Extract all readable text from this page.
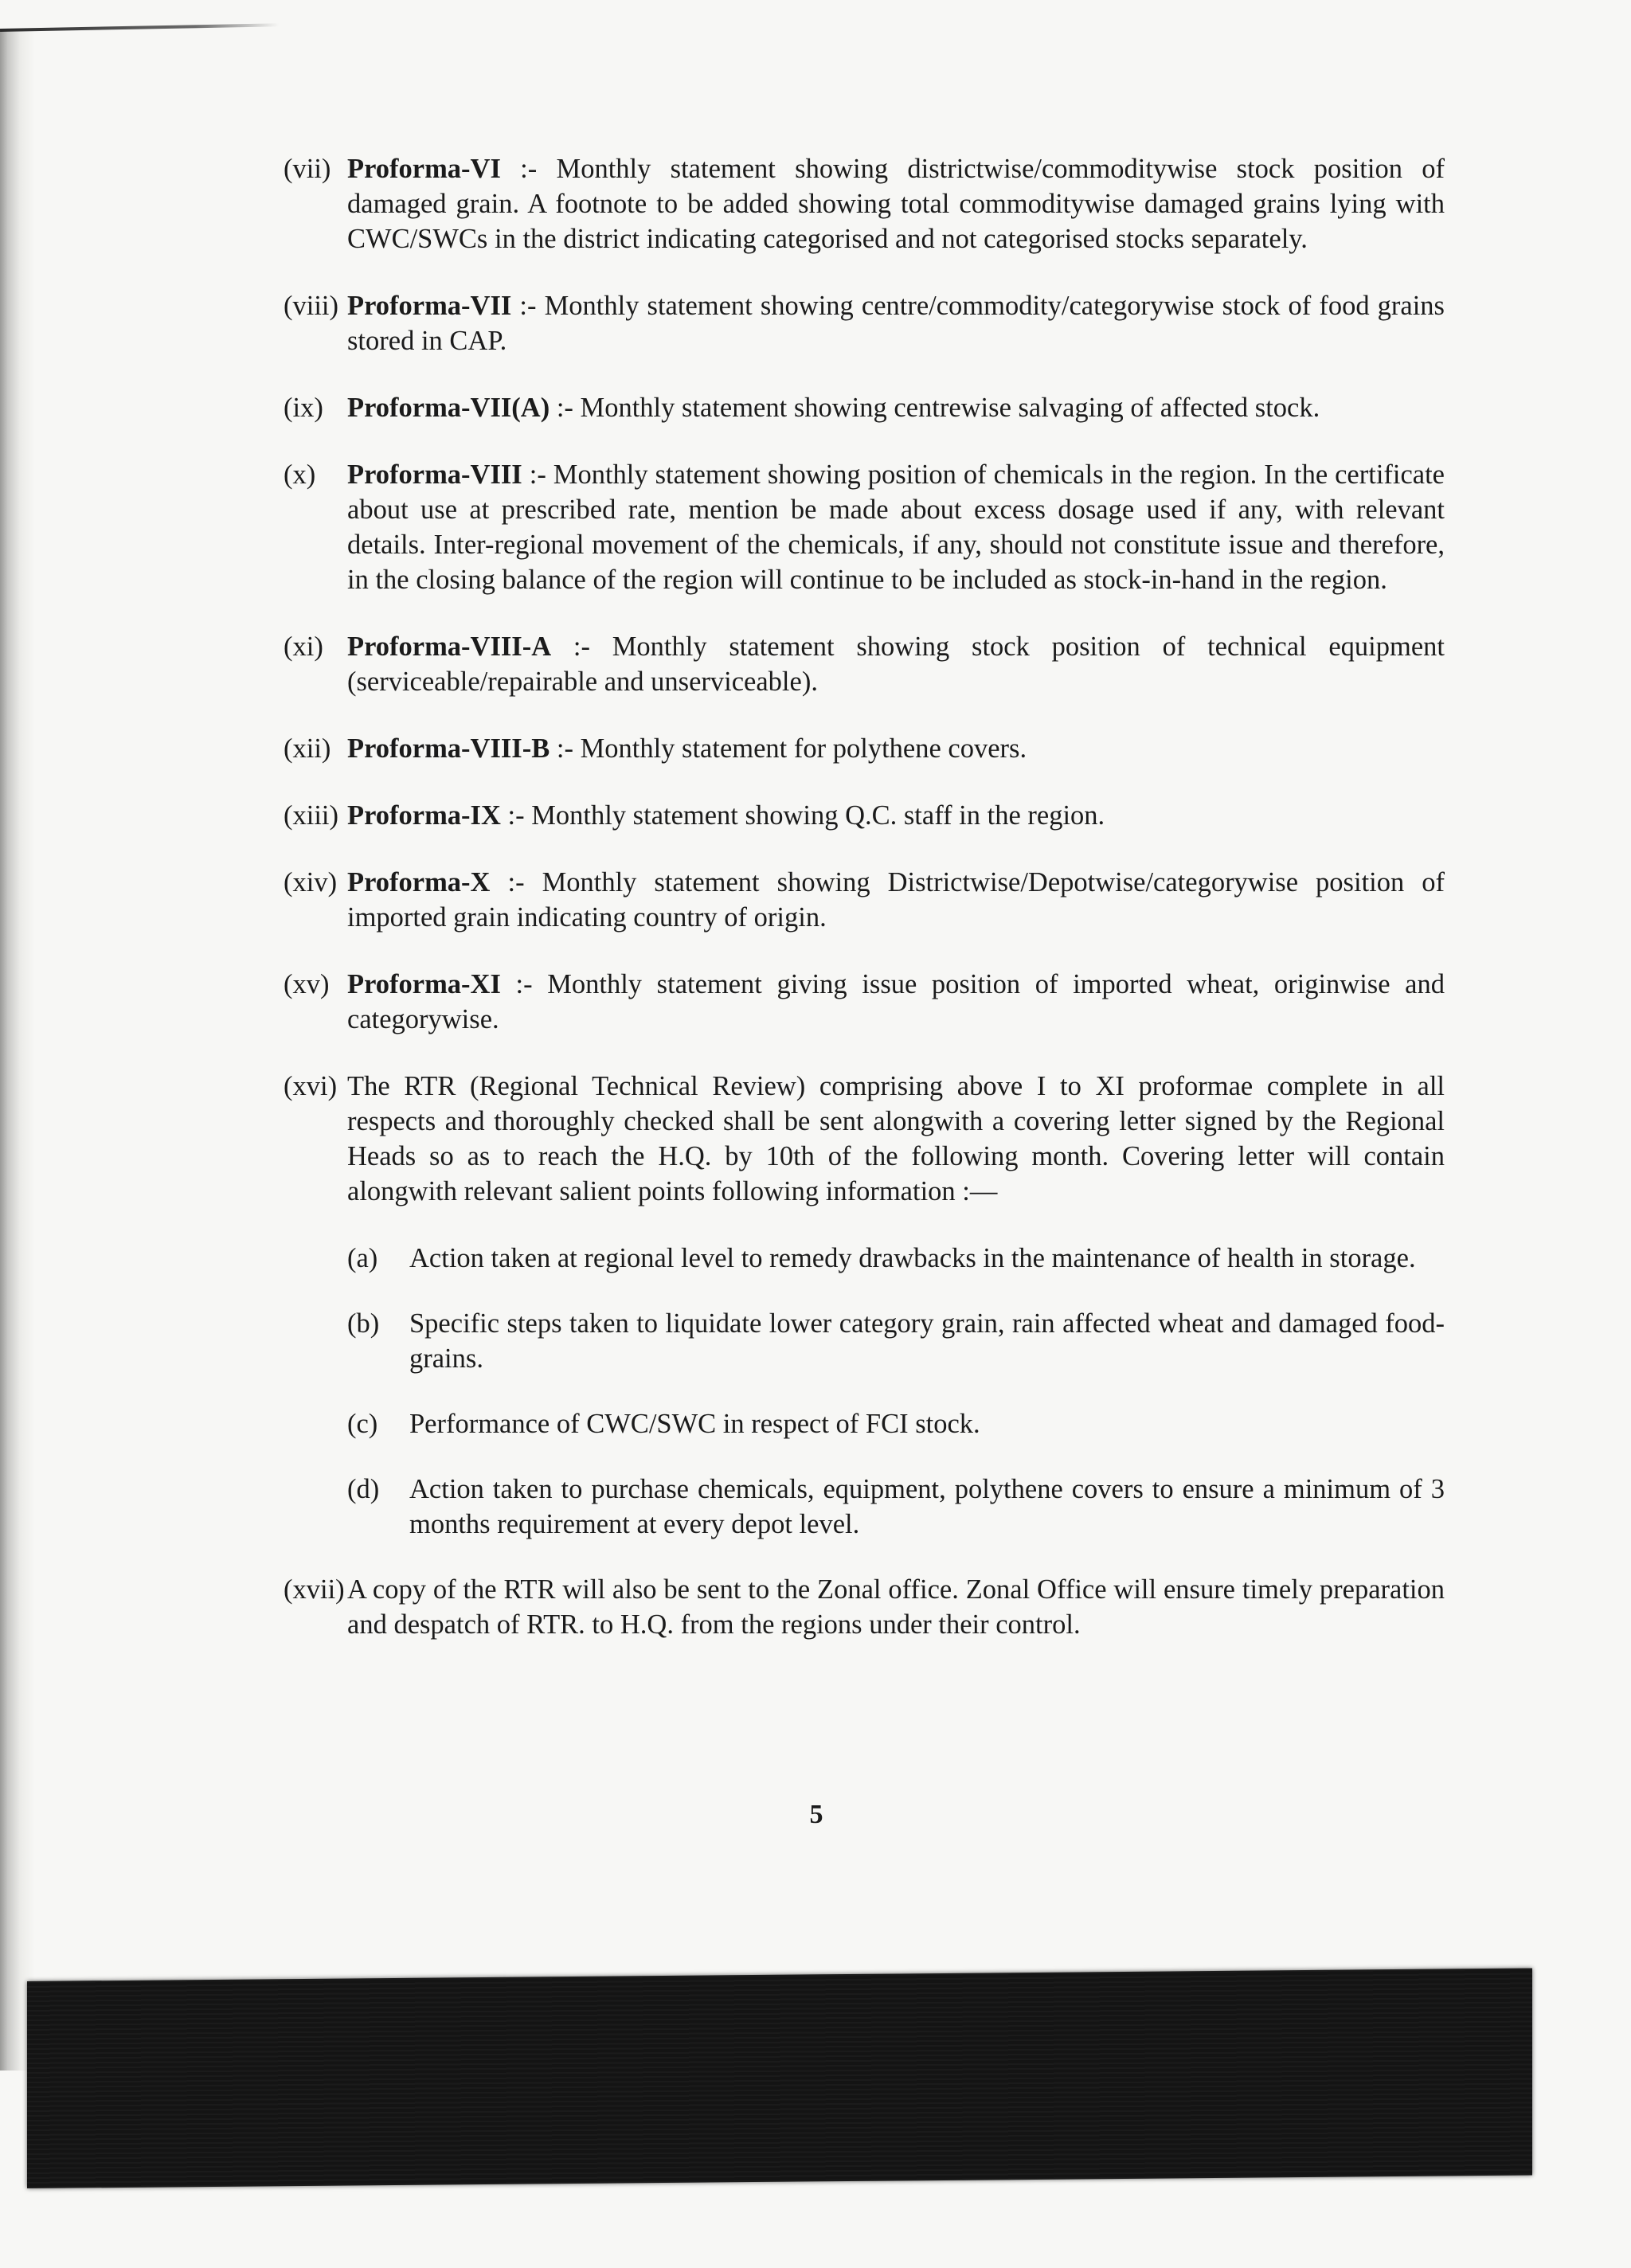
(vii) Proforma-VI :- Monthly statement showing districtwise/commoditywise stock position of damaged grain. A footnote to be added showing total commoditywise damaged grains lying with CWC/SWCs in the district indicating categorised and not categorised stocks separately.
(viii) Proforma-VII :- Monthly statement showing centre/commodity/categorywise stock of food grains stored in CAP.
(ix) Proforma-VII(A) :- Monthly statement showing centrewise salvaging of affected stock.
(x) Proforma-VIII :- Monthly statement showing position of chemicals in the region. In the certificate about use at prescribed rate, mention be made about excess dosage used if any, with relevant details. Inter-regional movement of the chemicals, if any, should not constitute issue and therefore, in the closing balance of the region will continue to be included as stock-in-hand in the region.
(xi) Proforma-VIII-A :- Monthly statement showing stock position of technical equipment (serviceable/repairable and unserviceable).
(xii) Proforma-VIII-B :- Monthly statement for polythene covers.
(xiii) Proforma-IX :- Monthly statement showing Q.C. staff in the region.
(xiv) Proforma-X :- Monthly statement showing Districtwise/Depotwise/categorywise position of imported grain indicating country of origin.
(xv) Proforma-XI :- Monthly statement giving issue position of imported wheat, originwise and categorywise.
(xvi) The RTR (Regional Technical Review) comprising above I to XI proformae complete in all respects and thoroughly checked shall be sent alongwith a covering letter signed by the Regional Heads so as to reach the H.Q. by 10th of the following month. Covering letter will contain alongwith relevant salient points following information :—
(a) Action taken at regional level to remedy drawbacks in the maintenance of health in storage.
(b) Specific steps taken to liquidate lower category grain, rain affected wheat and damaged food-grains.
(c) Performance of CWC/SWC in respect of FCI stock.
(d) Action taken to purchase chemicals, equipment, polythene covers to ensure a minimum of 3 months requirement at every depot level.
(xvii) A copy of the RTR will also be sent to the Zonal office. Zonal Office will ensure timely preparation and despatch of RTR. to H.Q. from the regions under their control.
5
